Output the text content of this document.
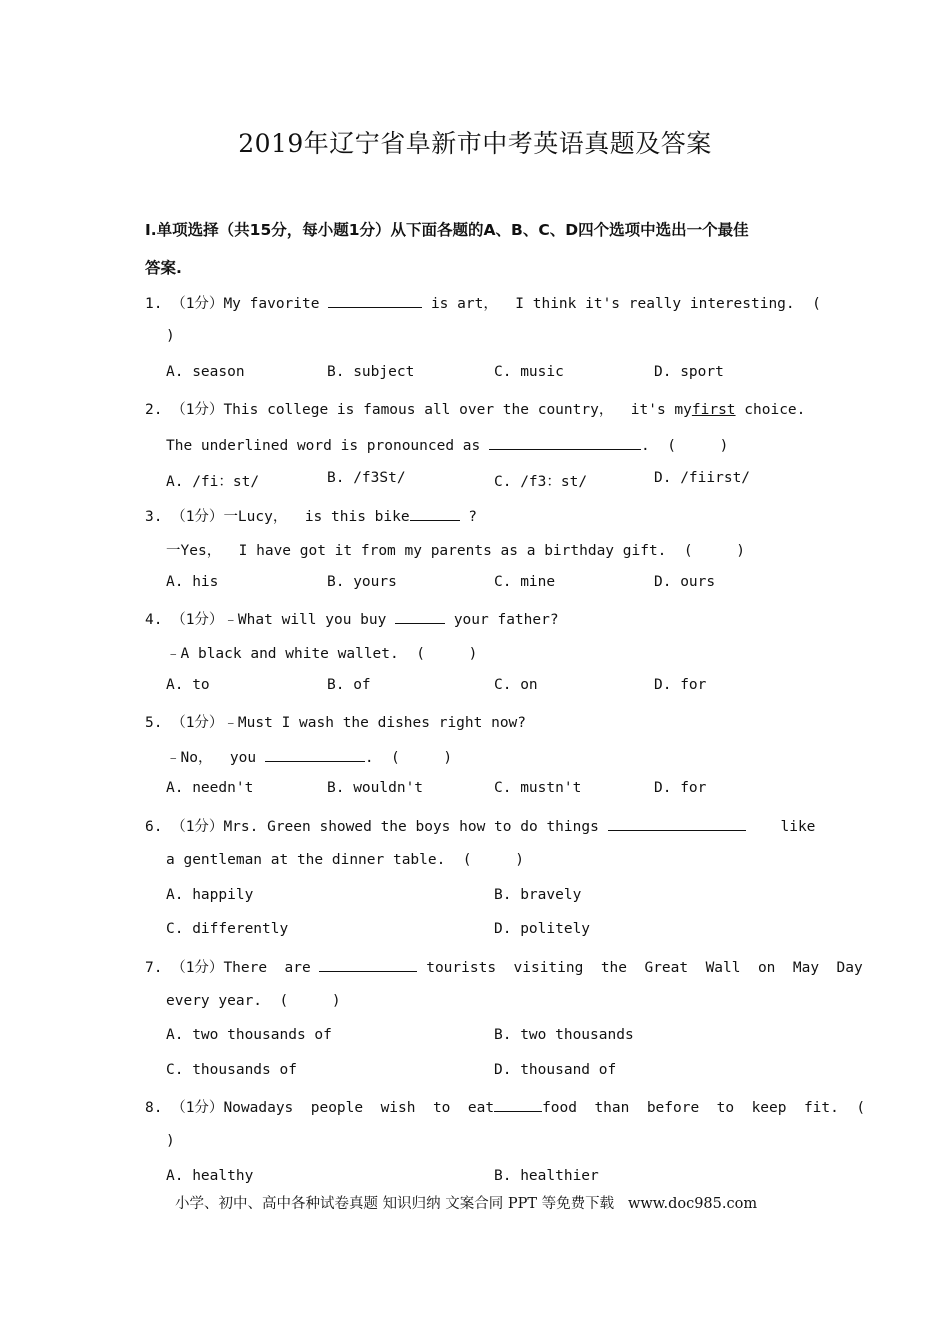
2019年辽宁省阜新市中考英语真题及答案
I.单项选择（共15分，每小题1分）从下面各题的A、B、C、D四个选项中选出一个最佳
答案.
1. （1分）My favorite	is art，  I think it's really interesting.  (
)
A. season	B. subject	C. music	D. sport
2. （1分）This college is famous all over the country，  it's myfirst choice.
The underlined word is pronounced as	.  (     )
A. /fi：st/	B. /f3St/	C. /f3：st/	D. /fiirst/
3. （1分）一Lucy，  is this bike	?
一Yes，  I have got it from my parents as a birthday gift.  (     )
A. his	B. yours	C. mine	D. ours
4. （1分）﹣What will you buy	your father?
﹣A black and white wallet.  (     )
A. to	B. of	C. on	D. for
5. （1分）﹣Must I wash the dishes right now?
﹣No，  you	.  (     )
A. needn't	B. wouldn't	C. mustn't	D. for
6. （1分）Mrs. Green showed the boys how to do things	like
a gentleman at the dinner table.  (     )
A. happily	B. bravely
C. differently	D. politely
7. （1分）There  are	tourists  visiting  the  Great  Wall  on  May  Day
every year.  (     )
A. two thousands of	B. two thousands
C. thousands of	D. thousand of
8. （1分）Nowadays  people  wish  to  eat	food  than  before  to  keep  fit.  (
)
A. healthy	B. healthier
小学、初中、高中各种试卷真题 知识归纳 文案合同 PPT 等免费下载   www.doc985.com
